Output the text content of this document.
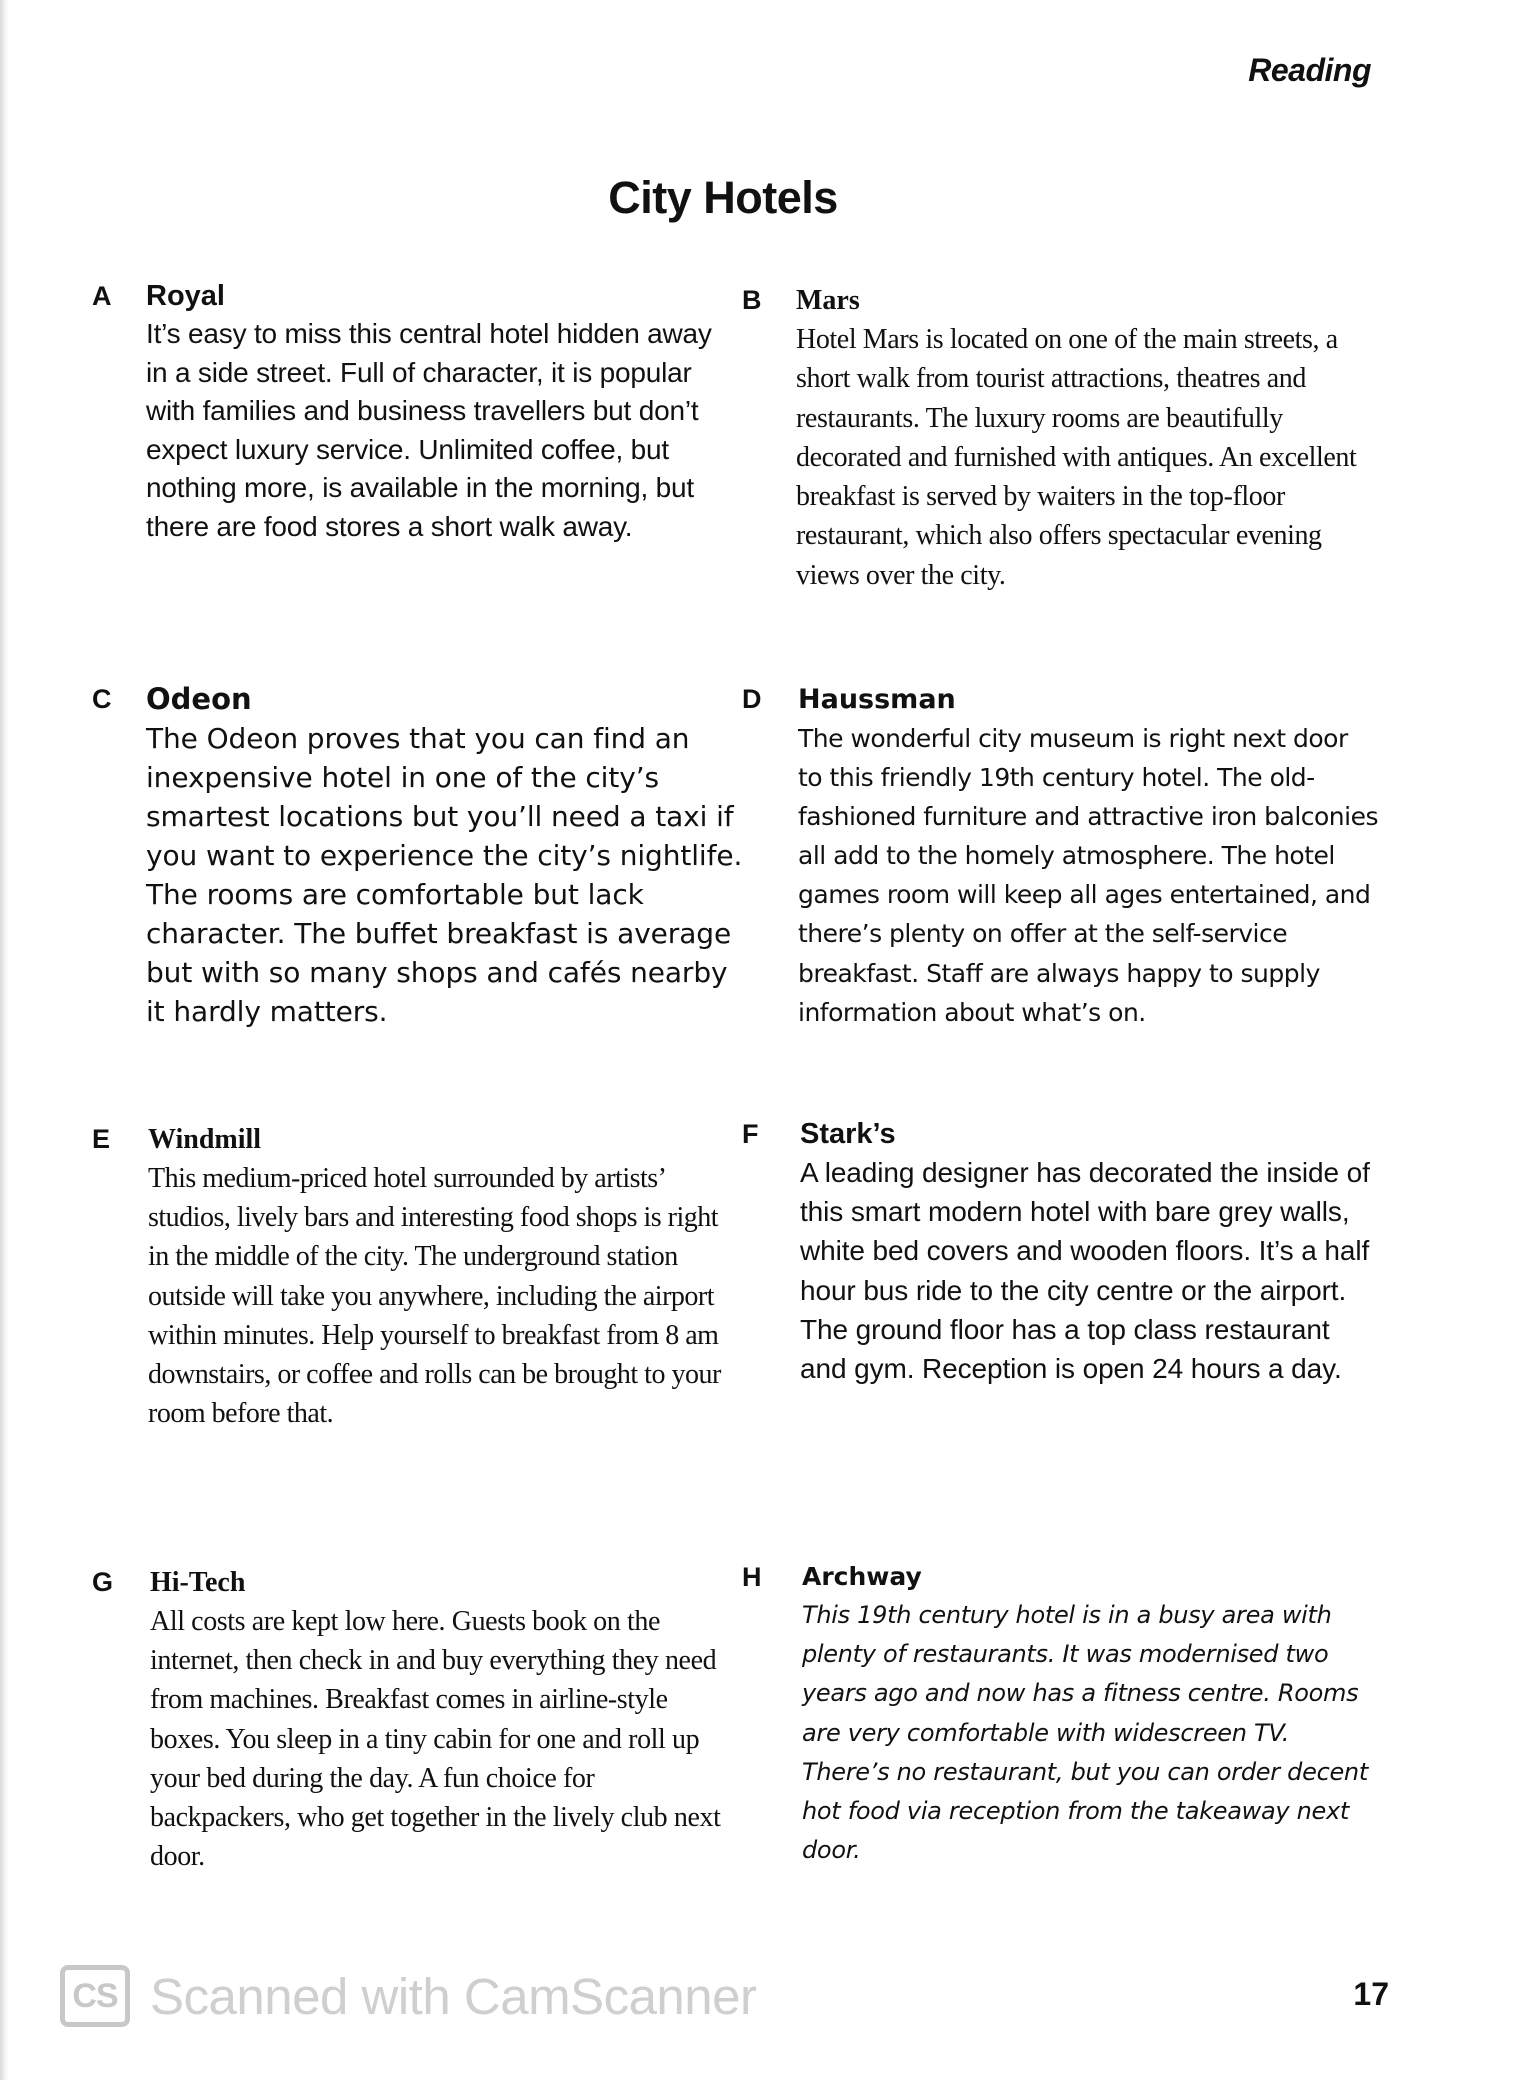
Reading
City Hotels
A Royal

It’s easy to miss this central hotel hidden away in a side street. Full of character, it is popular with families and business travellers but don’t expect luxury service. Unlimited coffee, but nothing more, is available in the morning, but there are food stores a short walk away.

B Mars

Hotel Mars is located on one of the main streets, a short walk from tourist attractions, theatres and restaurants. The luxury rooms are beautifully decorated and furnished with antiques. An excellent breakfast is served by waiters in the top-floor restaurant, which also offers spectacular evening views over the city.

C Odeon

The Odeon proves that you can find an inexpensive hotel in one of the city’s smartest locations but you’ll need a taxi if you want to experience the city’s nightlife. The rooms are comfortable but lack character. The buffet breakfast is average but with so many shops and cafés nearby it hardly matters.

D Haussman

The wonderful city museum is right next door to this friendly 19th century hotel. The old-fashioned furniture and attractive iron balconies all add to the homely atmosphere. The hotel games room will keep all ages entertained, and there’s plenty on offer at the self-service breakfast. Staff are always happy to supply information about what’s on.

E Windmill

This medium-priced hotel surrounded by artists’ studios, lively bars and interesting food shops is right in the middle of the city. The underground station outside will take you anywhere, including the airport within minutes. Help yourself to breakfast from 8 am downstairs, or coffee and rolls can be brought to your room before that.

F Stark’s

A leading designer has decorated the inside of this smart modern hotel with bare grey walls, white bed covers and wooden floors. It’s a half hour bus ride to the city centre or the airport. The ground floor has a top class restaurant and gym. Reception is open 24 hours a day.

G Hi-Tech

All costs are kept low here. Guests book on the internet, then check in and buy everything they need from machines. Breakfast comes in airline-style boxes. You sleep in a tiny cabin for one and roll up your bed during the day. A fun choice for backpackers, who get together in the lively club next door.

H Archway

This 19th century hotel is in a busy area with plenty of restaurants. It was modernised two years ago and now has a fitness centre. Rooms are very comfortable with widescreen TV. There’s no restaurant, but you can order decent hot food via reception from the takeaway next door.

CS Scanned with CamScanner	17
